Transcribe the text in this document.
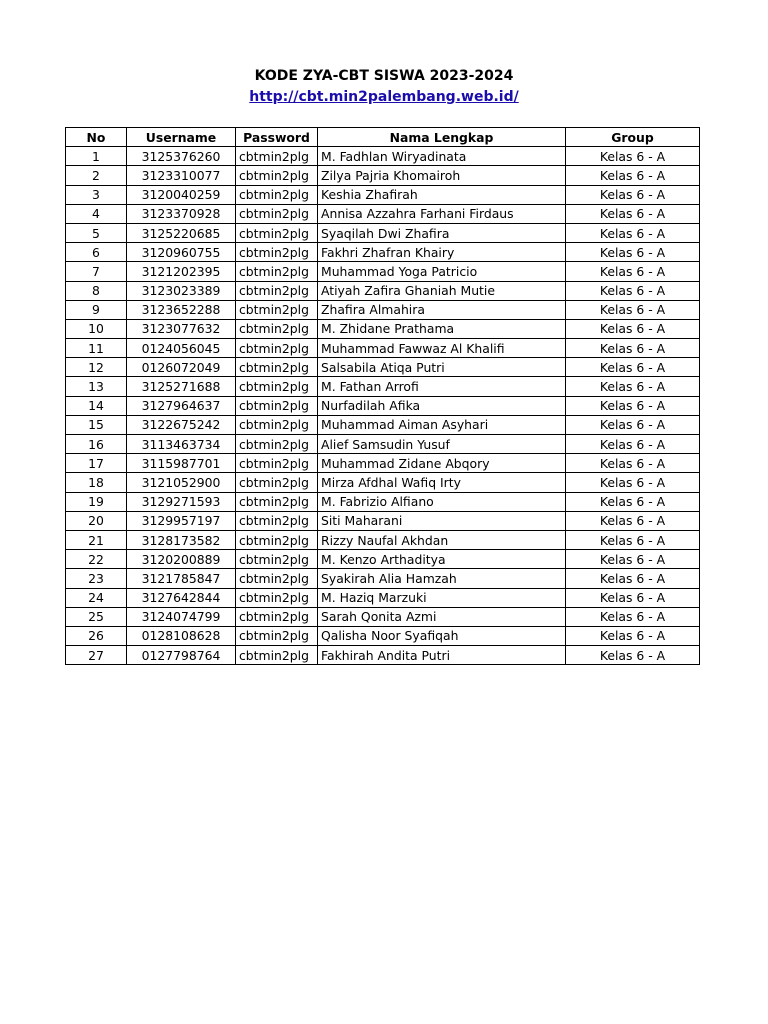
KODE ZYA-CBT SISWA 2023-2024
http://cbt.min2palembang.web.id/
No	Username	Password	Nama Lengkap	Group
1	3125376260	cbtmin2plg	M. Fadhlan Wiryadinata	Kelas 6 - A
2	3123310077	cbtmin2plg	Zilya Pajria Khomairoh	Kelas 6 - A
3	3120040259	cbtmin2plg	Keshia Zhafirah	Kelas 6 - A
4	3123370928	cbtmin2plg	Annisa Azzahra Farhani Firdaus	Kelas 6 - A
5	3125220685	cbtmin2plg	Syaqilah Dwi Zhafira	Kelas 6 - A
6	3120960755	cbtmin2plg	Fakhri Zhafran Khairy	Kelas 6 - A
7	3121202395	cbtmin2plg	Muhammad Yoga Patricio	Kelas 6 - A
8	3123023389	cbtmin2plg	Atiyah Zafira Ghaniah Mutie	Kelas 6 - A
9	3123652288	cbtmin2plg	Zhafira Almahira	Kelas 6 - A
10	3123077632	cbtmin2plg	M. Zhidane Prathama	Kelas 6 - A
11	0124056045	cbtmin2plg	Muhammad Fawwaz Al Khalifi	Kelas 6 - A
12	0126072049	cbtmin2plg	Salsabila Atiqa Putri	Kelas 6 - A
13	3125271688	cbtmin2plg	M. Fathan Arrofi	Kelas 6 - A
14	3127964637	cbtmin2plg	Nurfadilah Afika	Kelas 6 - A
15	3122675242	cbtmin2plg	Muhammad Aiman Asyhari	Kelas 6 - A
16	3113463734	cbtmin2plg	Alief Samsudin Yusuf	Kelas 6 - A
17	3115987701	cbtmin2plg	Muhammad Zidane Abqory	Kelas 6 - A
18	3121052900	cbtmin2plg	Mirza Afdhal Wafiq Irty	Kelas 6 - A
19	3129271593	cbtmin2plg	M. Fabrizio Alfiano	Kelas 6 - A
20	3129957197	cbtmin2plg	Siti Maharani	Kelas 6 - A
21	3128173582	cbtmin2plg	Rizzy Naufal Akhdan	Kelas 6 - A
22	3120200889	cbtmin2plg	M. Kenzo Arthaditya	Kelas 6 - A
23	3121785847	cbtmin2plg	Syakirah Alia Hamzah	Kelas 6 - A
24	3127642844	cbtmin2plg	M. Haziq Marzuki	Kelas 6 - A
25	3124074799	cbtmin2plg	Sarah Qonita Azmi	Kelas 6 - A
26	0128108628	cbtmin2plg	Qalisha Noor Syafiqah	Kelas 6 - A
27	0127798764	cbtmin2plg	Fakhirah Andita Putri	Kelas 6 - A
